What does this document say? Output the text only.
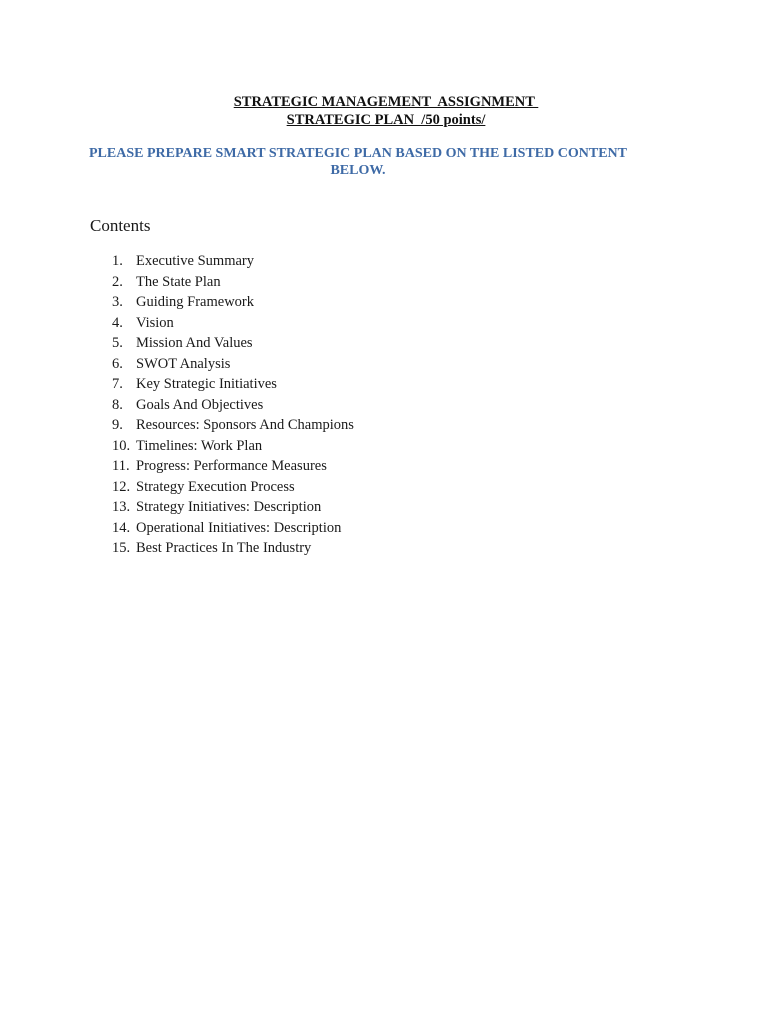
STRATEGIC MANAGEMENT  ASSIGNMENT
STRATEGIC PLAN  /50 points/
PLEASE PREPARE SMART STRATEGIC PLAN BASED ON THE LISTED CONTENT BELOW.
Contents
1. Executive Summary
2. The State Plan
3. Guiding Framework
4. Vision
5. Mission And Values
6. SWOT Analysis
7. Key Strategic Initiatives
8. Goals And Objectives
9. Resources: Sponsors And Champions
10. Timelines: Work Plan
11. Progress: Performance Measures
12. Strategy Execution Process
13. Strategy Initiatives: Description
14. Operational Initiatives: Description
15. Best Practices In The Industry
